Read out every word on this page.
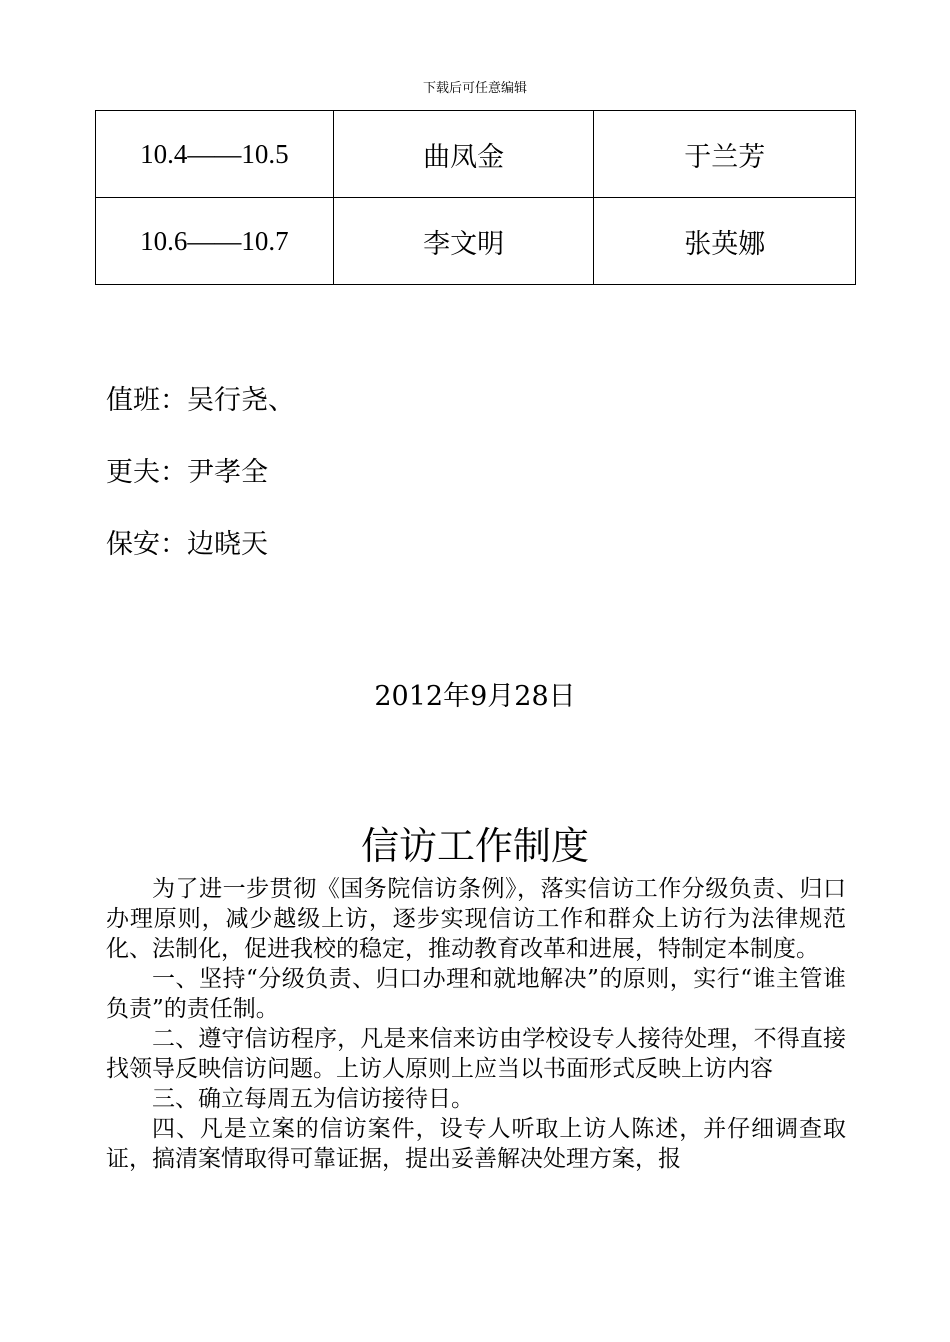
下载后可任意编辑
10.4——10.5	曲凤金	于兰芳
10.6——10.7	李文明	张英娜
值班：吴行尧、
更夫：尹孝全
保安：边晓天
2012年9月28日
信访工作制度

为了进一步贯彻《国务院信访条例》，落实信访工作分级负责、归口办理原则，减少越级上访，逐步实现信访工作和群众上访行为法律规范化、法制化，促进我校的稳定，推动教育改革和进展，特制定本制度。

一、坚持“分级负责、归口办理和就地解决”的原则，实行“谁主管谁负责”的责任制。

二、遵守信访程序，凡是来信来访由学校设专人接待处理，不得直接找领导反映信访问题。上访人原则上应当以书面形式反映上访内容

三、确立每周五为信访接待日。

四、凡是立案的信访案件，设专人听取上访人陈述，并仔细调查取证，搞清案情取得可靠证据，提出妥善解决处理方案，报
